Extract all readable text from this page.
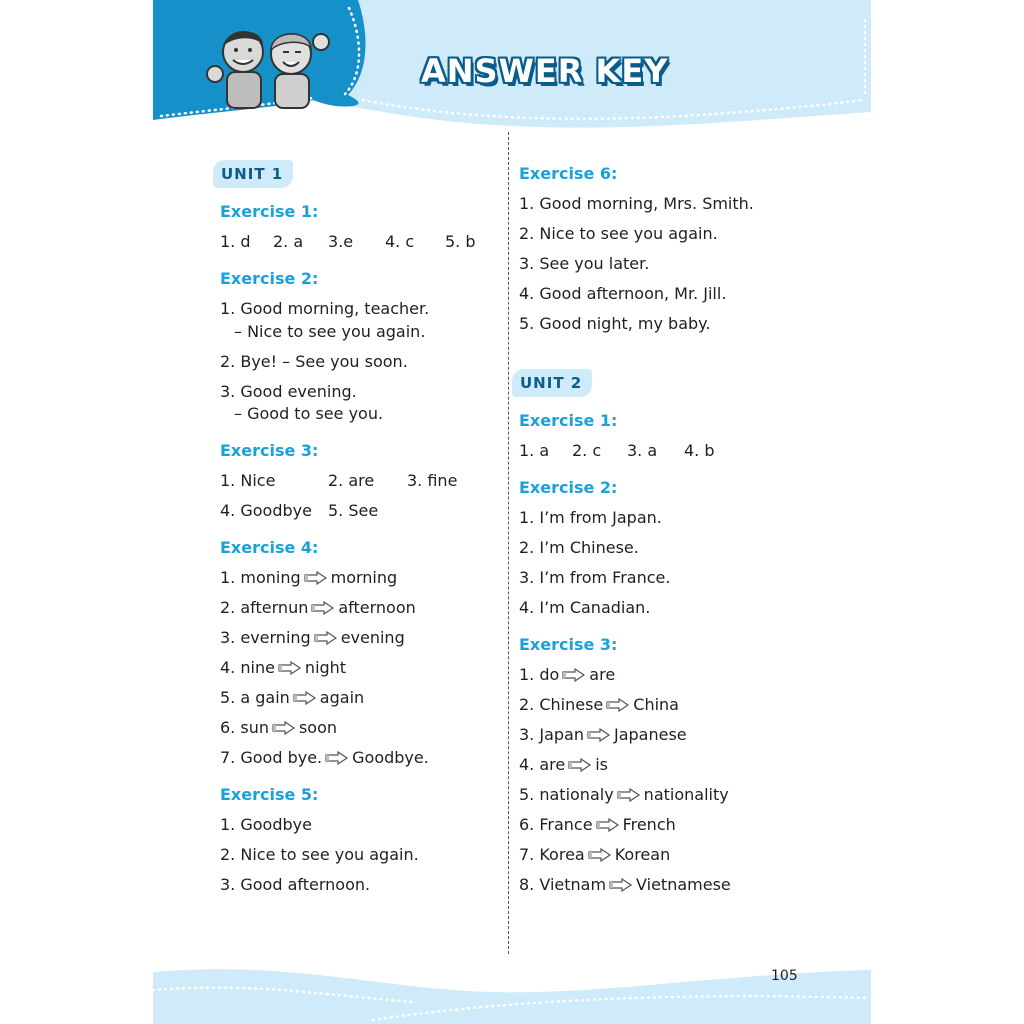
ANSWER KEY
UNIT 1
Exercise 1:
1. d 2. a 3.e 4. c 5. b
Exercise 2:
1. Good morning, teacher.
– Nice to see you again.
2. Bye! – See you soon.
3. Good evening.
– Good to see you.
Exercise 3:
1. Nice	2. are 3. fine
4. Goodbye 5. See
Exercise 4:
1. moning morning
2. afternun afternoon
3. everning evening
4. nine night
5. a gain again
6. sun soon
7. Good bye. Goodbye.
Exercise 5:
1. Goodbye
2. Nice to see you again.
3. Good afternoon.
Exercise 6:
1. Good morning, Mrs. Smith.
2. Nice to see you again.
3. See you later.
4. Good afternoon, Mr. Jill.
5. Good night, my baby.
UNIT 2
Exercise 1:
1. a 2. c 3. a 4. b
Exercise 2:
1. I’m from Japan.
2. I’m Chinese.
3. I’m from France.
4. I’m Canadian.
Exercise 3:
1. do are
2. Chinese China
3. Japan Japanese
4. are is
5. nationaly nationality
6. France French
7. Korea Korean
8. Vietnam Vietnamese
105
